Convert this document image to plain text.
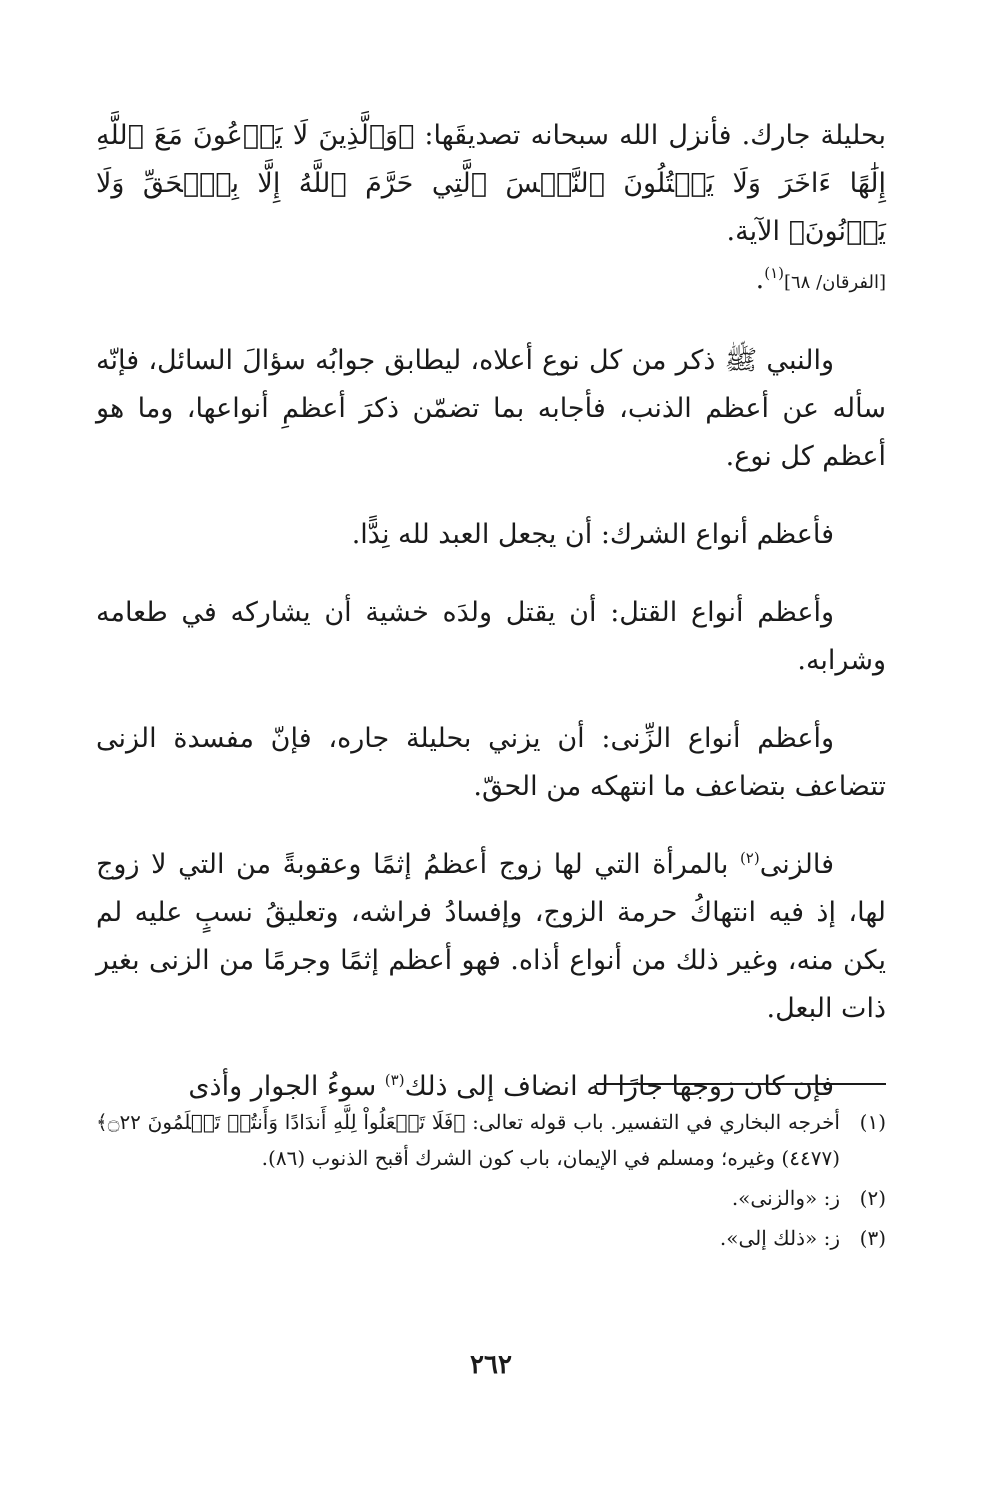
بحليلة جارك. فأنزل الله سبحانه تصديقَها: ﴿وَٱلَّذِينَ لَا يَدۡعُونَ مَعَ ٱللَّهِ إِلَٰهًا ءَاخَرَ وَلَا يَقۡتُلُونَ ٱلنَّفۡسَ ٱلَّتِي حَرَّمَ ٱللَّهُ إِلَّا بِٱلۡحَقِّ وَلَا يَزۡنُونَ﴾ الآية.
[الفرقان/ ٦٨]$^{(١)}$.

والنبي ﷺ ذكر من كل نوع أعلاه، ليطابق جوابُه سؤالَ السائل، فإنّه سأله عن أعظم الذنب، فأجابه بما تضمّن ذكرَ أعظمِ أنواعها، وما هو أعظم كل نوع.

فأعظم أنواع الشرك: أن يجعل العبد لله نِدًّا.

وأعظم أنواع القتل: أن يقتل ولدَه خشية أن يشاركه في طعامه وشرابه.

وأعظم أنواع الزِّنى: أن يزني بحليلة جاره، فإنّ مفسدة الزنى تتضاعف بتضاعف ما انتهكه من الحقّ.

فالزنى$^{(٢)}$ بالمرأة التي لها زوج أعظمُ إثمًا وعقوبةً من التي لا زوج لها، إذ فيه انتهاكُ حرمة الزوج، وإفسادُ فراشه، وتعليقُ نسبٍ عليه لم يكن منه، وغير ذلك من أنواع أذاه. فهو أعظم إثمًا وجرمًا من الزنى بغير ذات البعل.

فإن كان زوجها جارًا له انضاف إلى ذلك$^{(٣)}$ سوءُ الجوار وأذى

(١)
أخرجه البخاري في التفسير. باب قوله تعالى: ﴿فَلَا تَجۡعَلُواْ لِلَّهِ أَندَادًا وَأَنتُمۡ تَعۡلَمُونَ ۝٢٢﴾ (٤٤٧٧) وغيره؛ ومسلم في الإيمان، باب كون الشرك أقبح الذنوب (٨٦).
(٢)
ز: «والزنى».
(٣)
ز: «ذلك إلى».
٢٦٢
